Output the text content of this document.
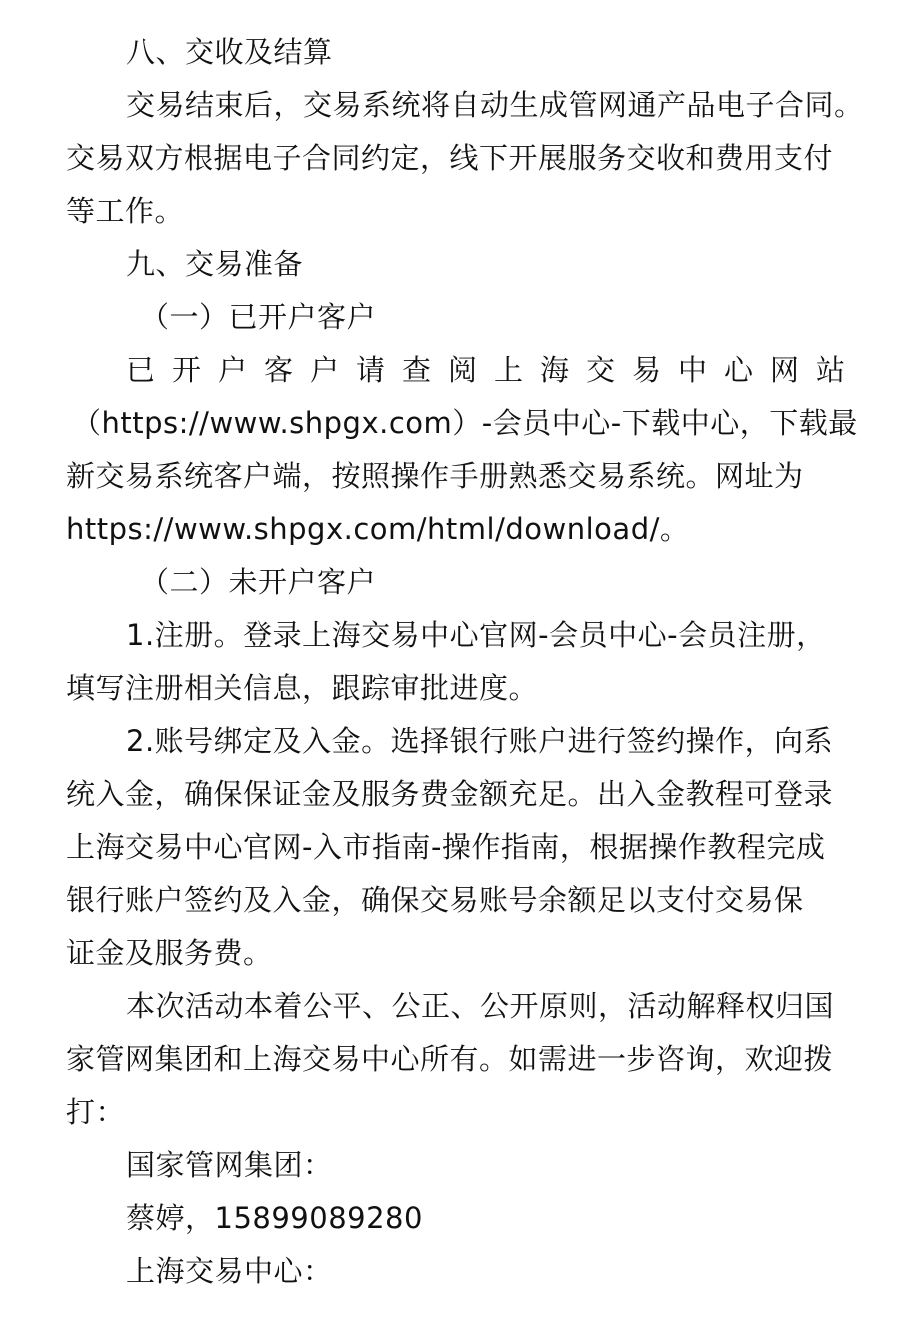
八、交收及结算
交易结束后，交易系统将自动生成管网通产品电子合同。
交易双方根据电子合同约定，线下开展服务交收和费用支付
等工作。
九、交易准备
（一）已开户客户
已开户客户请查阅上海交易中心网站
（https://www.shpgx.com）-会员中心-下载中心，下载最
新交易系统客户端，按照操作手册熟悉交易系统。网址为
https://www.shpgx.com/html/download/。
（二）未开户客户
1.注册。登录上海交易中心官网-会员中心-会员注册，
填写注册相关信息，跟踪审批进度。
2.账号绑定及入金。选择银行账户进行签约操作，向系
统入金，确保保证金及服务费金额充足。出入金教程可登录
上海交易中心官网-入市指南-操作指南，根据操作教程完成
银行账户签约及入金，确保交易账号余额足以支付交易保
证金及服务费。
本次活动本着公平、公正、公开原则，活动解释权归国
家管网集团和上海交易中心所有。如需进一步咨询，欢迎拨
打：
国家管网集团：
蔡婷，15899089280
上海交易中心：
